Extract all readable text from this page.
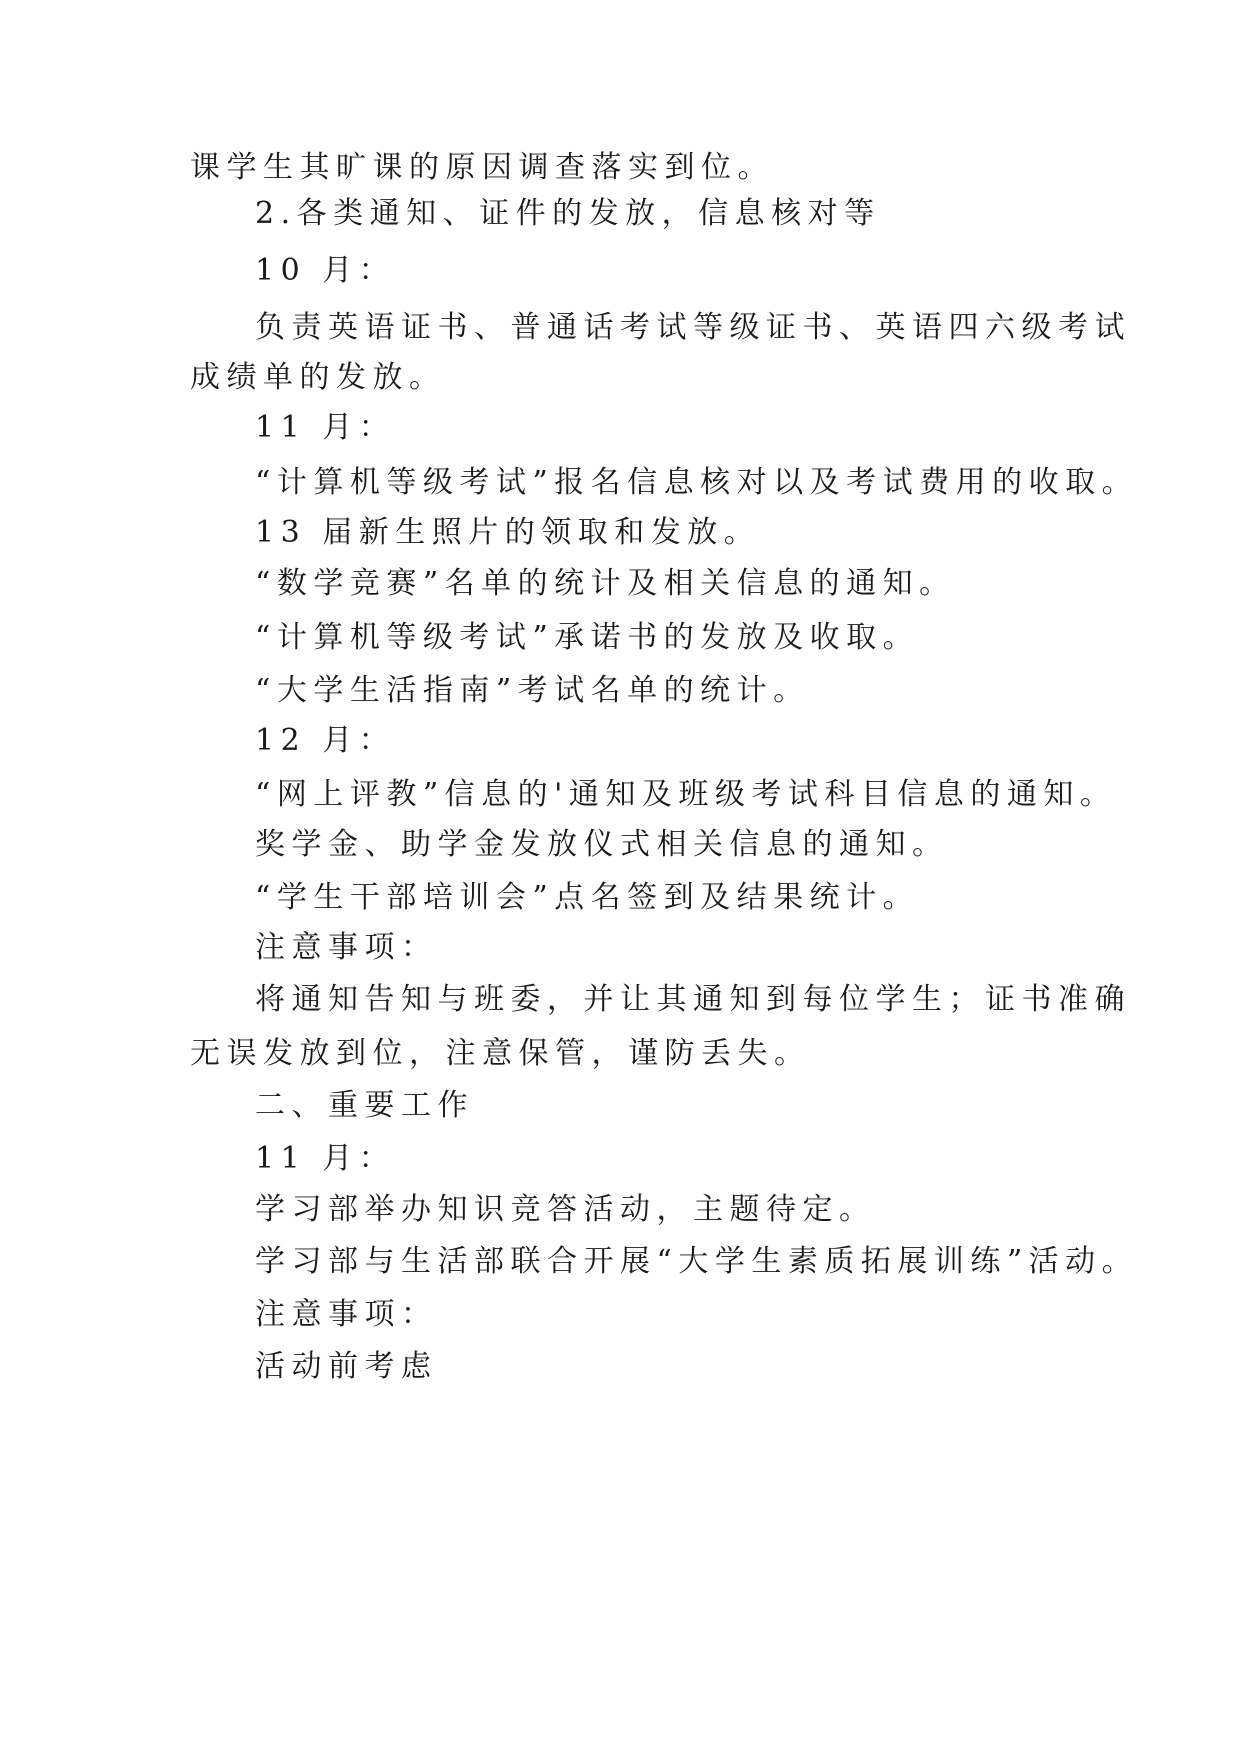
课学生其旷课的原因调查落实到位。
2.各类通知、证件的发放，信息核对等
10 月：
负责英语证书、普通话考试等级证书、英语四六级考试
成绩单的发放。
11 月：
“计算机等级考试”报名信息核对以及考试费用的收取。
13 届新生照片的领取和发放。
“数学竞赛”名单的统计及相关信息的通知。
“计算机等级考试”承诺书的发放及收取。
“大学生活指南”考试名单的统计。
12 月：
“网上评教”信息的'通知及班级考试科目信息的通知。
奖学金、助学金发放仪式相关信息的通知。
“学生干部培训会”点名签到及结果统计。
注意事项：
将通知告知与班委，并让其通知到每位学生；证书准确
无误发放到位，注意保管，谨防丢失。
二、重要工作
11 月：
学习部举办知识竞答活动，主题待定。
学习部与生活部联合开展“大学生素质拓展训练”活动。
注意事项：
活动前考虑
